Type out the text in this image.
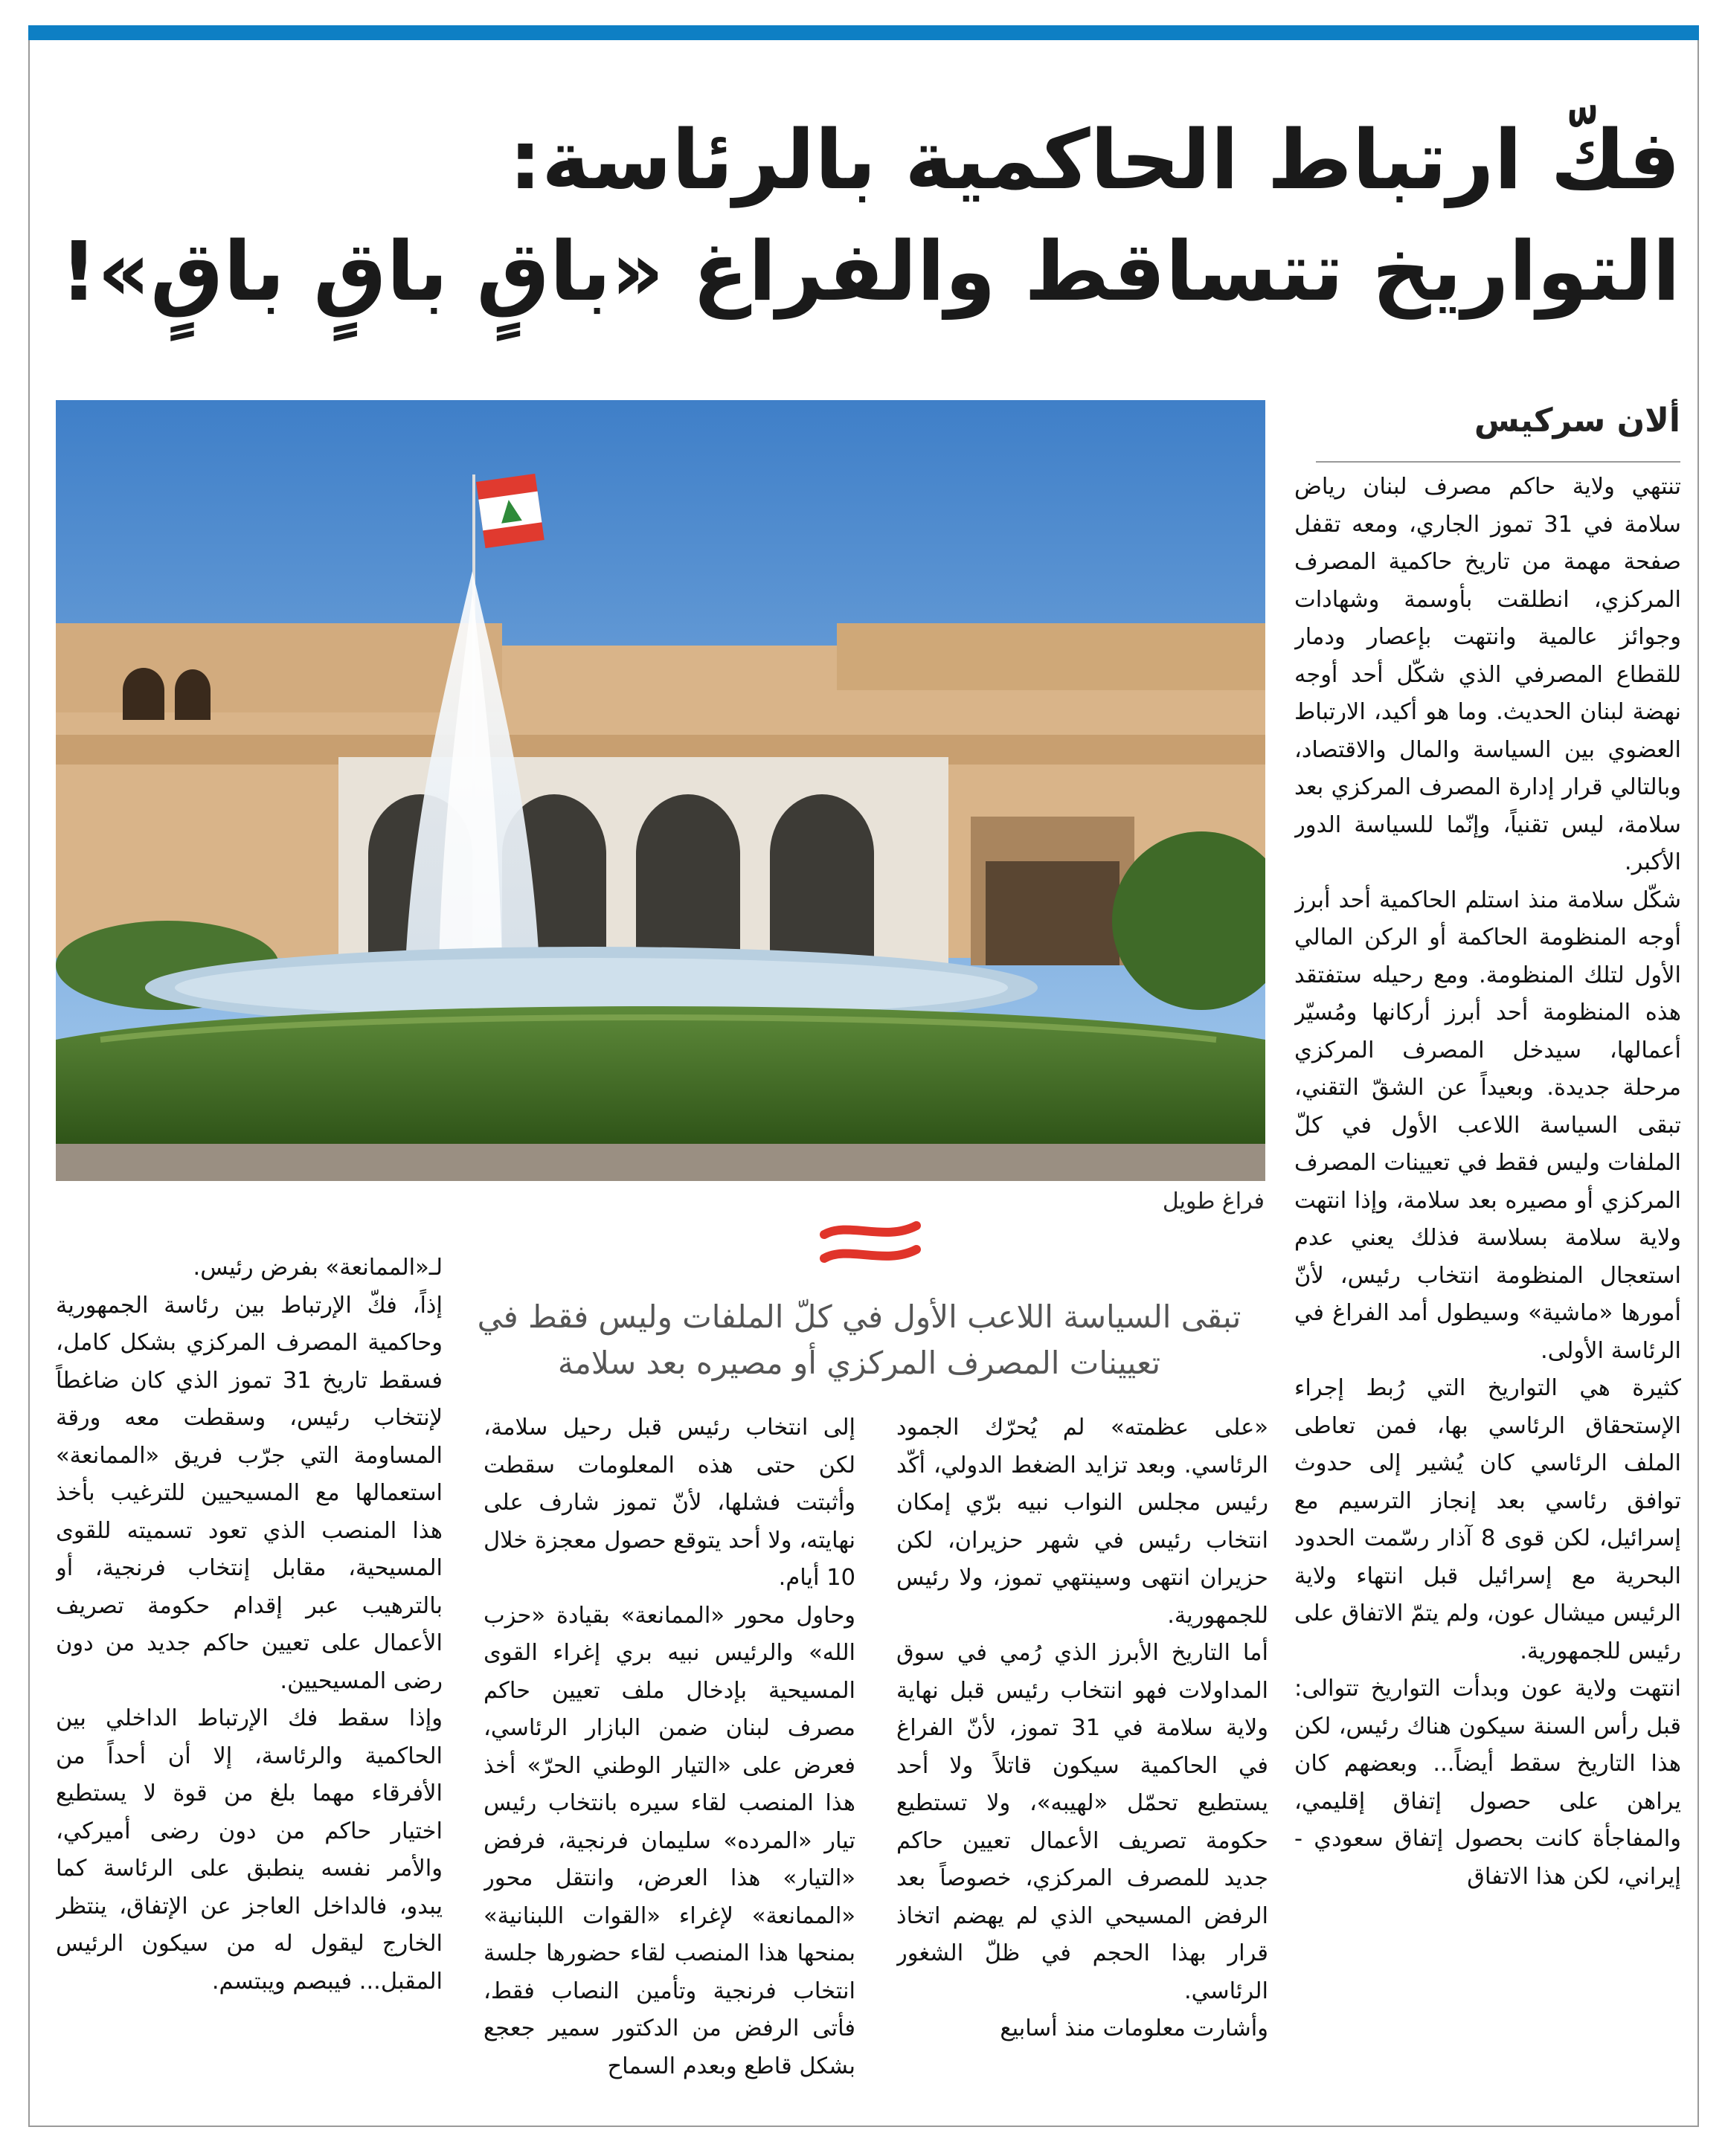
فكّ ارتباط الحاكمية بالرئاسة:
التواريخ تتساقط والفراغ «باقٍ باقٍ باقٍ»!
ألان سركيس
فراغ طويل
تبقى السياسة اللاعب الأول في كلّ الملفات وليس فقط في تعيينات المصرف المركزي أو مصيره بعد سلامة

تنتهي ولاية حاكم مصرف لبنان رياض سلامة في 31 تموز الجاري، ومعه تقفل صفحة مهمة من تاريخ حاكمية المصرف المركزي، انطلقت بأوسمة وشهادات وجوائز عالمية وانتهت بإعصار ودمار للقطاع المصرفي الذي شكّل أحد أوجه نهضة لبنان الحديث. وما هو أكيد، الارتباط العضوي بين السياسة والمال والاقتصاد، وبالتالي قرار إدارة المصرف المركزي بعد سلامة، ليس تقنياً، وإنّما للسياسة الدور الأكبر.

شكّل سلامة منذ استلم الحاكمية أحد أبرز أوجه المنظومة الحاكمة أو الركن المالي الأول لتلك المنظومة. ومع رحيله ستفتقد هذه المنظومة أحد أبرز أركانها ومُسيّر أعمالها، سيدخل المصرف المركزي مرحلة جديدة. وبعيداً عن الشقّ التقني، تبقى السياسة اللاعب الأول في كلّ الملفات وليس فقط في تعيينات المصرف المركزي أو مصيره بعد سلامة، وإذا انتهت ولاية سلامة بسلاسة فذلك يعني عدم استعجال المنظومة انتخاب رئيس، لأنّ أمورها «ماشية» وسيطول أمد الفراغ في الرئاسة الأولى.

كثيرة هي التواريخ التي رُبط إجراء الإستحقاق الرئاسي بها، فمن تعاطى الملف الرئاسي كان يُشير إلى حدوث توافق رئاسي بعد إنجاز الترسيم مع إسرائيل، لكن قوى 8 آذار رسّمت الحدود البحرية مع إسرائيل قبل انتهاء ولاية الرئيس ميشال عون، ولم يتمّ الاتفاق على رئيس للجمهورية.

انتهت ولاية عون وبدأت التواريخ تتوالى: قبل رأس السنة سيكون هناك رئيس، لكن هذا التاريخ سقط أيضاً... وبعضهم كان يراهن على حصول إتفاق إقليمي، والمفاجأة كانت بحصول إتفاق سعودي - إيراني، لكن هذا الاتفاق

«على عظمته» لم يُحرّك الجمود الرئاسي. وبعد تزايد الضغط الدولي، أكّد رئيس مجلس النواب نبيه برّي إمكان انتخاب رئيس في شهر حزيران، لكن حزيران انتهى وسينتهي تموز، ولا رئيس للجمهورية.

أما التاريخ الأبرز الذي رُمي في سوق المداولات فهو انتخاب رئيس قبل نهاية ولاية سلامة في 31 تموز، لأنّ الفراغ في الحاكمية سيكون قاتلاً ولا أحد يستطيع تحمّل «لهيبه»، ولا تستطيع حكومة تصريف الأعمال تعيين حاكم جديد للمصرف المركزي، خصوصاً بعد الرفض المسيحي الذي لم يهضم اتخاذ قرار بهذا الحجم في ظلّ الشغور الرئاسي.

وأشارت معلومات منذ أسابيع

إلى انتخاب رئيس قبل رحيل سلامة، لكن حتى هذه المعلومات سقطت وأثبتت فشلها، لأنّ تموز شارف على نهايته، ولا أحد يتوقع حصول معجزة خلال 10 أيام.

وحاول محور «الممانعة» بقيادة «حزب الله» والرئيس نبيه بري إغراء القوى المسيحية بإدخال ملف تعيين حاكم مصرف لبنان ضمن البازار الرئاسي، فعرض على «التيار الوطني الحرّ» أخذ هذا المنصب لقاء سيره بانتخاب رئيس تيار «المرده» سليمان فرنجية، فرفض «التيار» هذا العرض، وانتقل محور «الممانعة» لإغراء «القوات اللبنانية» بمنحها هذا المنصب لقاء حضورها جلسة انتخاب فرنجية وتأمين النصاب فقط، فأتى الرفض من الدكتور سمير جعجع بشكل قاطع وبعدم السماح

لـ«الممانعة» بفرض رئيس.

إذاً، فكّ الإرتباط بين رئاسة الجمهورية وحاكمية المصرف المركزي بشكل كامل، فسقط تاريخ 31 تموز الذي كان ضاغطاً لإنتخاب رئيس، وسقطت معه ورقة المساومة التي جرّب فريق «الممانعة» استعمالها مع المسيحيين للترغيب بأخذ هذا المنصب الذي تعود تسميته للقوى المسيحية، مقابل إنتخاب فرنجية، أو بالترهيب عبر إقدام حكومة تصريف الأعمال على تعيين حاكم جديد من دون رضى المسيحيين.

وإذا سقط فك الإرتباط الداخلي بين الحاكمية والرئاسة، إلا أن أحداً من الأفرقاء مهما بلغ من قوة لا يستطيع اختيار حاكم من دون رضى أميركي، والأمر نفسه ينطبق على الرئاسة كما يبدو، فالداخل العاجز عن الإتفاق، ينتظر الخارج ليقول له من سيكون الرئيس المقبل... فيبصم ويبتسم.
